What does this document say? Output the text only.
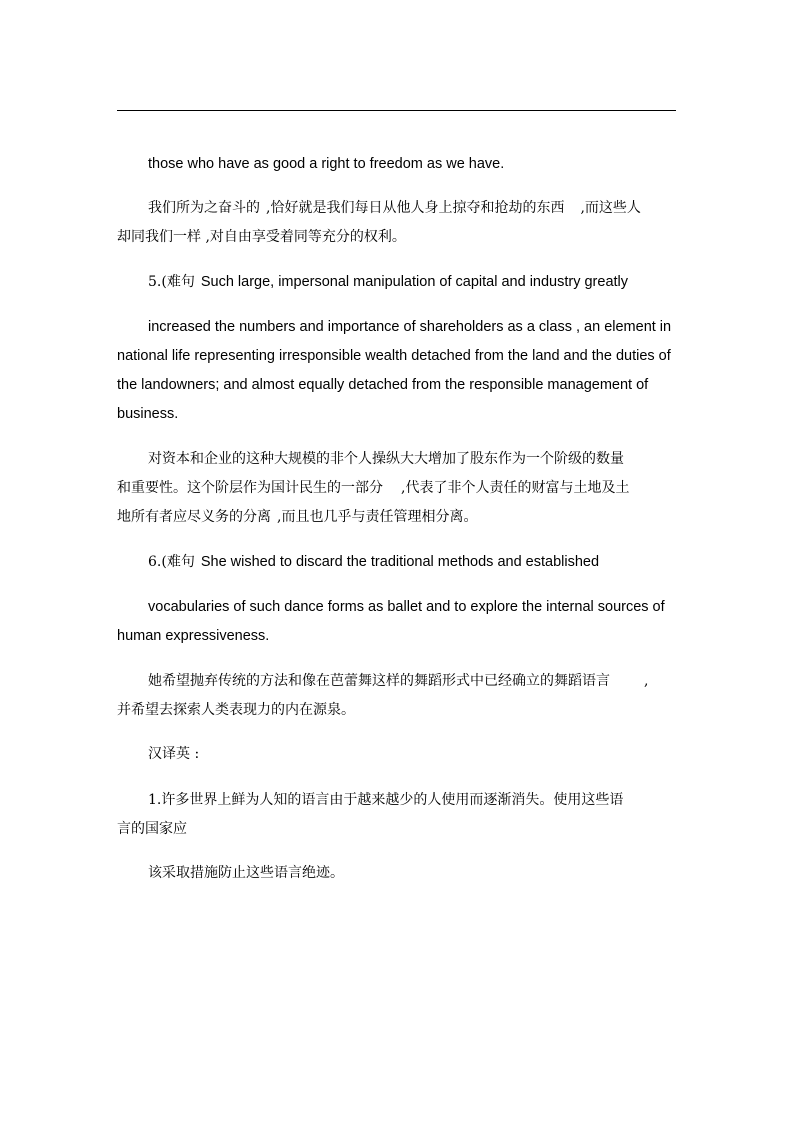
those who have as good a right to freedom as we have.
我们所为之奋斗的 ,恰好就是我们每日从他人身上掠夺和抢劫的东西 ,而这些人
却同我们一样 ,对自由享受着同等充分的权利。
5.(难句 Such large, impersonal manipulation of capital and industry greatly
increased the numbers and importance of shareholders as a class , an element in
national life representing irresponsible wealth detached from the land and the duties of
the landowners; and almost equally detached from the responsible management of
business.
对资本和企业的这种大规模的非个人操纵大大增加了股东作为一个阶级的数量
和重要性。这个阶层作为国计民生的一部分 ,代表了非个人责任的财富与土地及土
地所有者应尽义务的分离 ,而且也几乎与责任管理相分离。
6.(难句 She wished to discard the traditional methods and established
vocabularies of such dance forms as ballet and to explore the internal sources of
human expressiveness.
她希望抛弃传统的方法和像在芭蕾舞这样的舞蹈形式中已经确立的舞蹈语言 ,
并希望去探索人类表现力的内在源泉。
汉译英 :
1.许多世界上鲜为人知的语言由于越来越少的人使用而逐渐消失。使用这些语
言的国家应
该采取措施防止这些语言绝迹。
